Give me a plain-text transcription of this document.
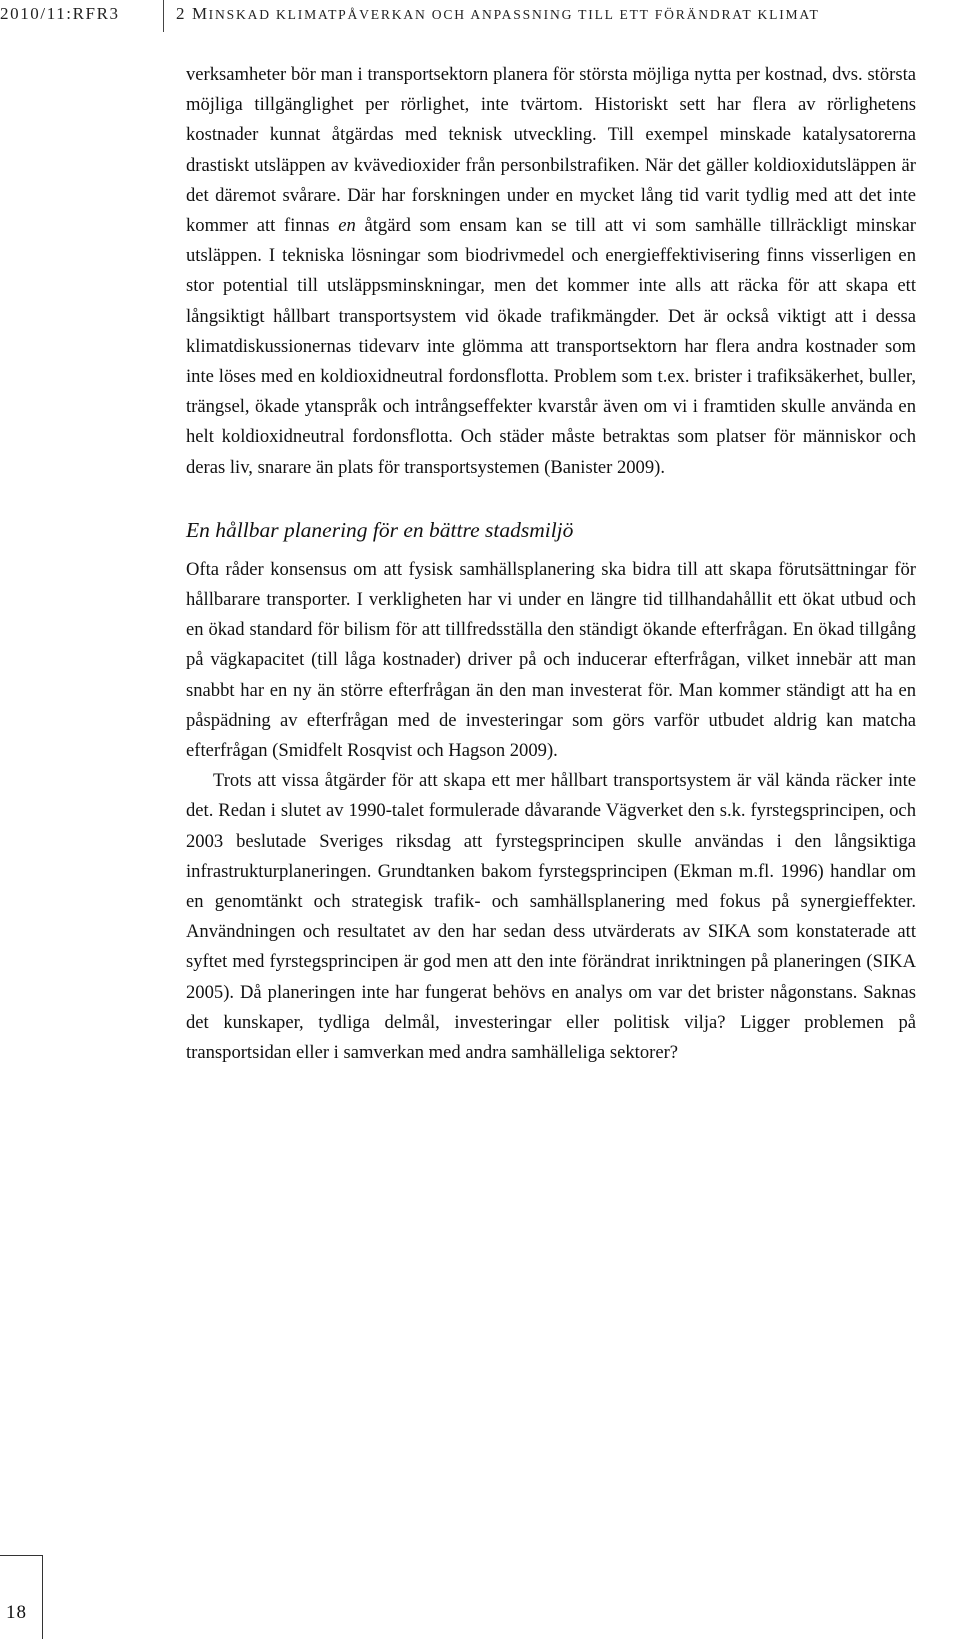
2010/11:RFR3	2 MINSKAD KLIMATPÅVERKAN OCH ANPASSNING TILL ETT FÖRÄNDRAT KLIMAT

verksamheter bör man i transportsektorn planera för största möjliga nytta per kostnad, dvs. största möjliga tillgänglighet per rörlighet, inte tvärtom. Historiskt sett har flera av rörlighetens kostnader kunnat åtgärdas med teknisk utveckling. Till exempel minskade katalysatorerna drastiskt utsläppen av kvävedioxider från personbilstrafiken. När det gäller koldioxidutsläppen är det däremot svårare. Där har forskningen under en mycket lång tid varit tydlig med att det inte kommer att finnas en åtgärd som ensam kan se till att vi som samhälle tillräckligt minskar utsläppen. I tekniska lösningar som biodrivmedel och energieffektivisering finns visserligen en stor potential till utsläppsminskningar, men det kommer inte alls att räcka för att skapa ett långsiktigt hållbart transportsystem vid ökade trafikmängder. Det är också viktigt att i dessa klimatdiskussionernas tidevarv inte glömma att transportsektorn har flera andra kostnader som inte löses med en koldioxidneutral fordonsflotta. Problem som t.ex. brister i trafiksäkerhet, buller, trängsel, ökade ytanspråk och intrångseffekter kvarstår även om vi i framtiden skulle använda en helt koldioxidneutral fordonsflotta. Och städer måste betraktas som platser för människor och deras liv, snarare än plats för transportsystemen (Banister 2009).

En hållbar planering för en bättre stadsmiljö

Ofta råder konsensus om att fysisk samhällsplanering ska bidra till att skapa förutsättningar för hållbarare transporter. I verkligheten har vi under en längre tid tillhandahållit ett ökat utbud och en ökad standard för bilism för att tillfredsställa den ständigt ökande efterfrågan. En ökad tillgång på vägkapacitet (till låga kostnader) driver på och inducerar efterfrågan, vilket innebär att man snabbt har en ny än större efterfrågan än den man investerat för. Man kommer ständigt att ha en påspädning av efterfrågan med de investeringar som görs varför utbudet aldrig kan matcha efterfrågan (Smidfelt Rosqvist och Hagson 2009).

Trots att vissa åtgärder för att skapa ett mer hållbart transportsystem är väl kända räcker inte det. Redan i slutet av 1990-talet formulerade dåvarande Vägverket den s.k. fyrstegsprincipen, och 2003 beslutade Sveriges riksdag att fyrstegsprincipen skulle användas i den långsiktiga infrastrukturplaneringen. Grundtanken bakom fyrstegsprincipen (Ekman m.fl. 1996) handlar om en genomtänkt och strategisk trafik- och samhällsplanering med fokus på synergieffekter. Användningen och resultatet av den har sedan dess utvärderats av SIKA som konstaterade att syftet med fyrstegsprincipen är god men att den inte förändrat inriktningen på planeringen (SIKA 2005). Då planeringen inte har fungerat behövs en analys om var det brister någonstans. Saknas det kunskaper, tydliga delmål, investeringar eller politisk vilja? Ligger problemen på transportsidan eller i samverkan med andra samhälleliga sektorer?

18
